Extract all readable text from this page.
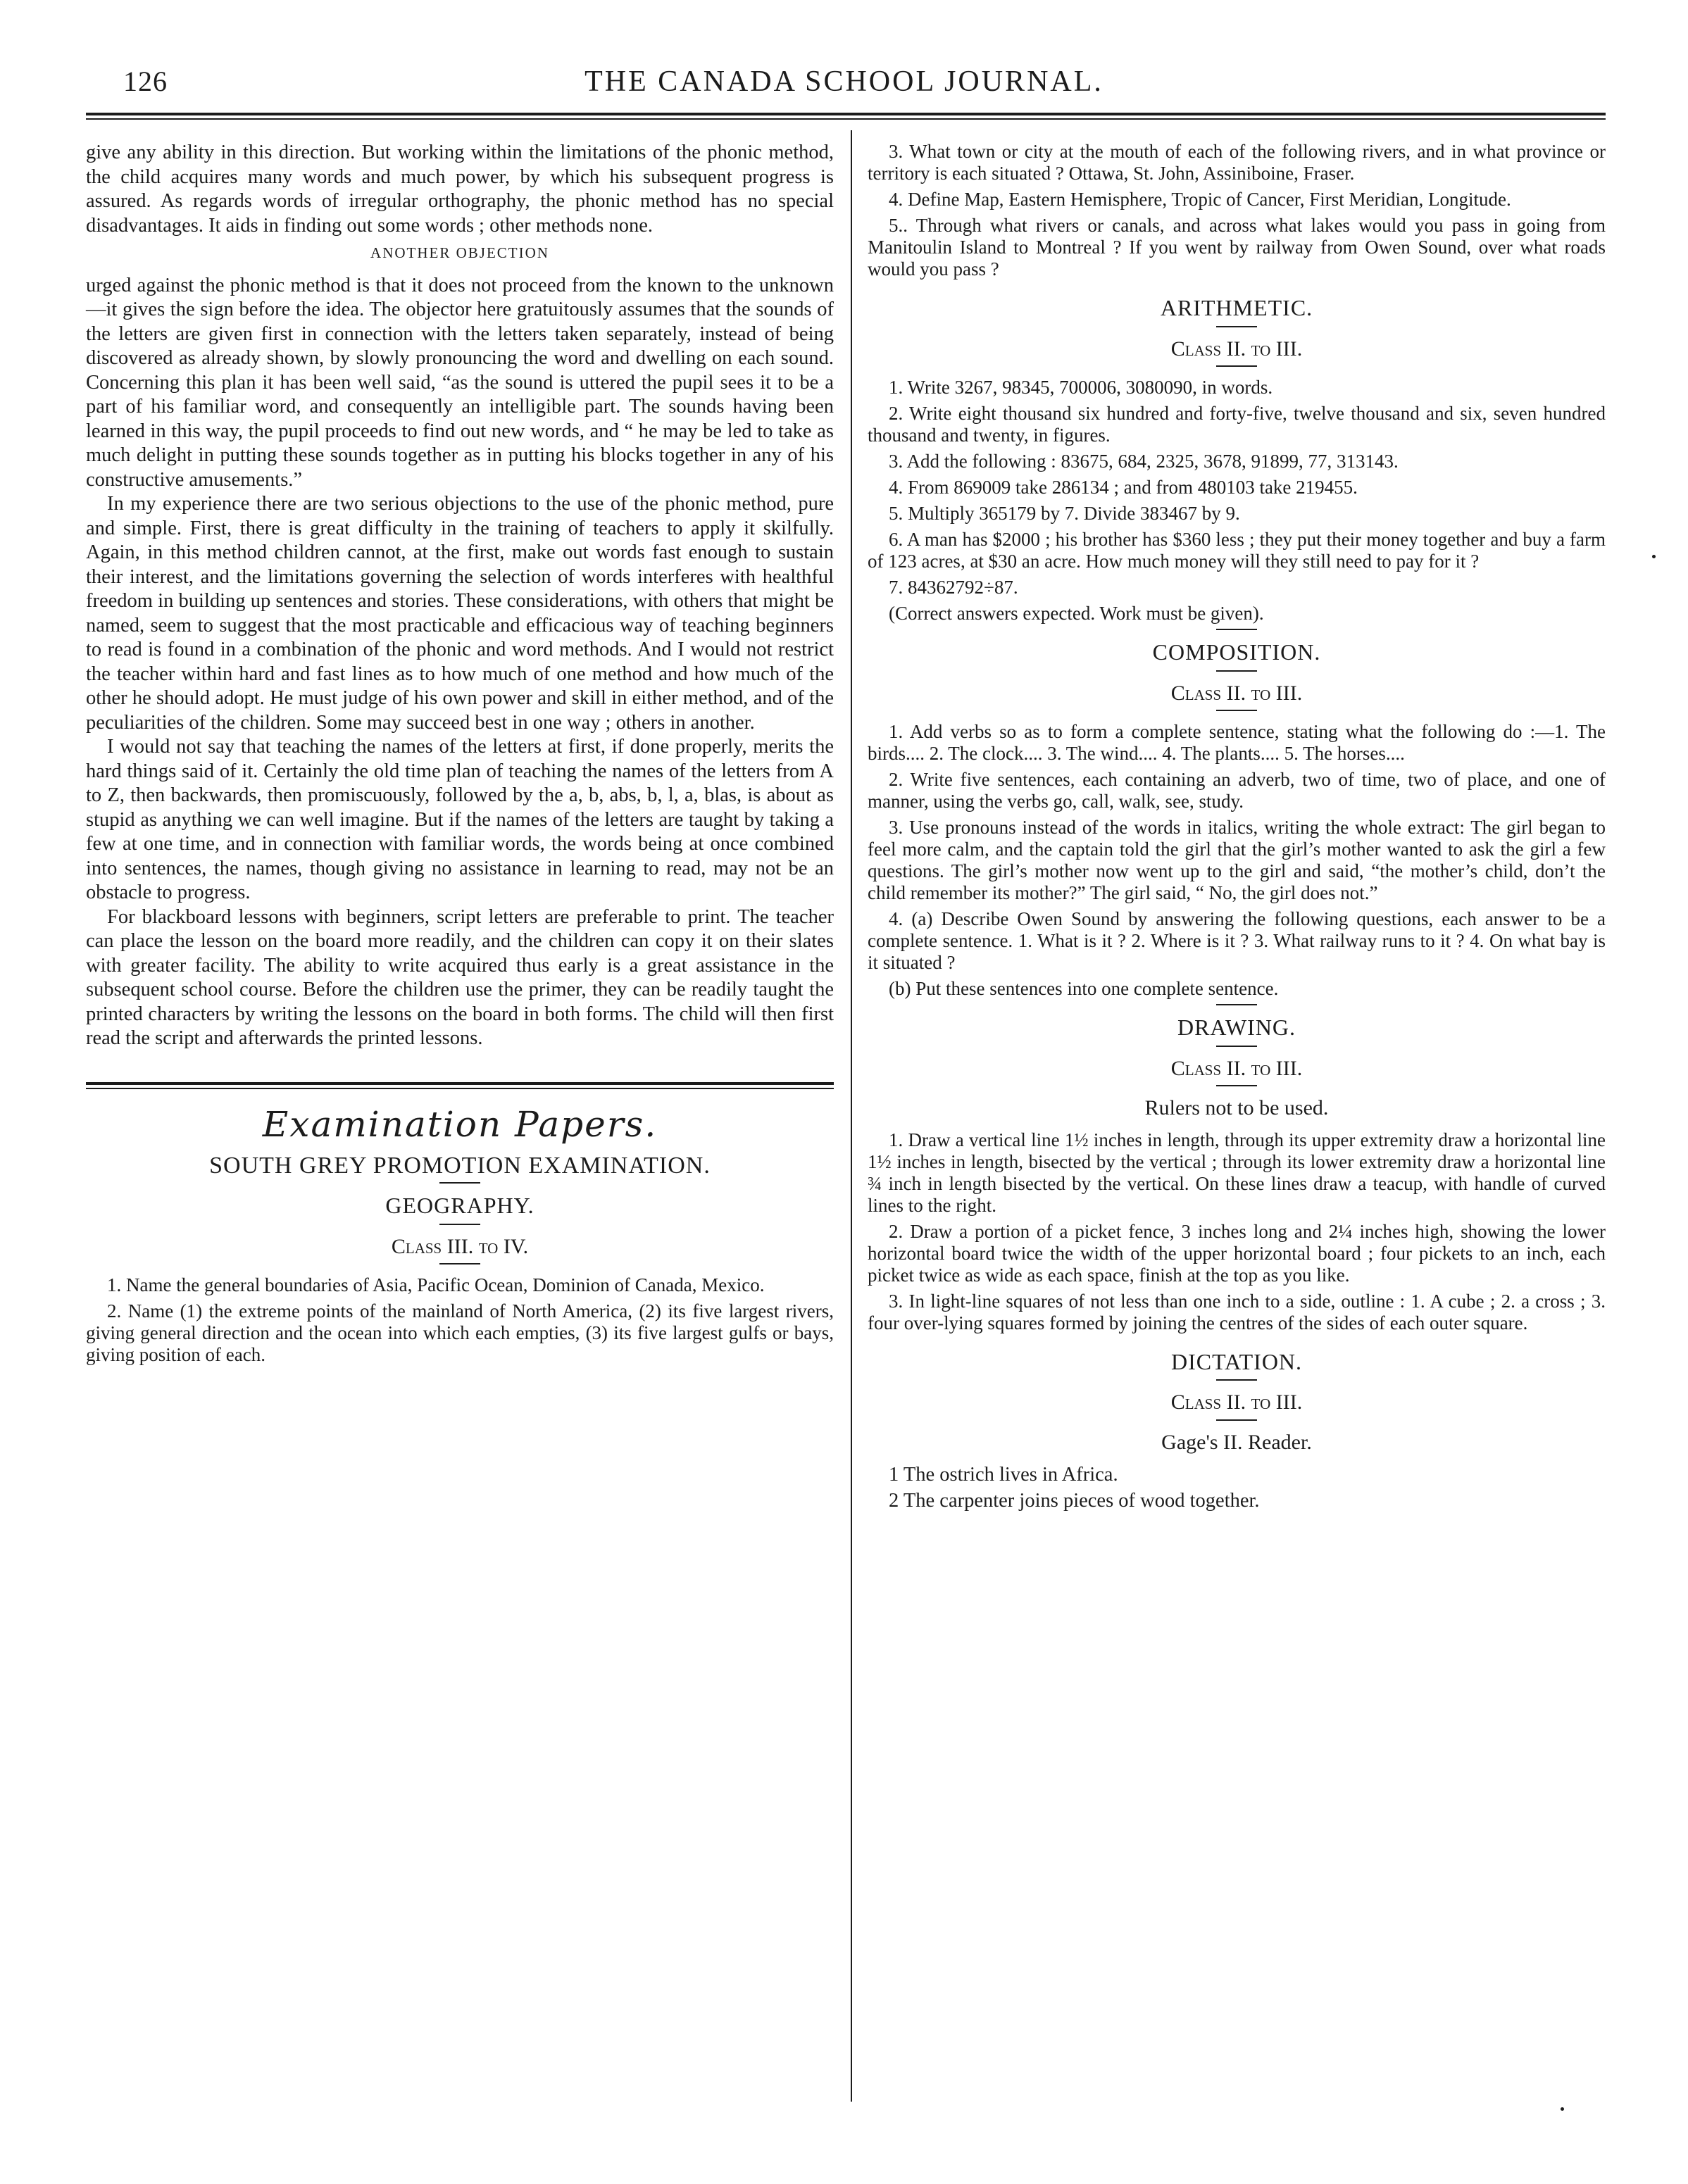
126	THE CANADA SCHOOL JOURNAL.

give any ability in this direction. But working within the limitations of the phonic method, the child acquires many words and much power, by which his subsequent progress is assured. As regards words of irregular orthography, the phonic method has no special disadvantages. It aids in finding out some words ; other methods none.

ANOTHER OBJECTION

urged against the phonic method is that it does not proceed from the known to the unknown—it gives the sign before the idea. The objector here gratuitously assumes that the sounds of the letters are given first in connection with the letters taken separately, instead of being discovered as already shown, by slowly pronouncing the word and dwelling on each sound. Concerning this plan it has been well said, “as the sound is uttered the pupil sees it to be a part of his familiar word, and consequently an intelligible part. The sounds having been learned in this way, the pupil proceeds to find out new words, and “ he may be led to take as much delight in putting these sounds together as in putting his blocks together in any of his constructive amusements.”

In my experience there are two serious objections to the use of the phonic method, pure and simple. First, there is great difficulty in the training of teachers to apply it skilfully. Again, in this method children cannot, at the first, make out words fast enough to sustain their interest, and the limitations governing the selection of words interferes with healthful freedom in building up sentences and stories. These considerations, with others that might be named, seem to suggest that the most practicable and efficacious way of teaching beginners to read is found in a combination of the phonic and word methods. And I would not restrict the teacher within hard and fast lines as to how much of one method and how much of the other he should adopt. He must judge of his own power and skill in either method, and of the peculiarities of the children. Some may succeed best in one way ; others in another.

I would not say that teaching the names of the letters at first, if done properly, merits the hard things said of it. Certainly the old time plan of teaching the names of the letters from A to Z, then backwards, then promiscuously, followed by the a, b, abs, b, l, a, blas, is about as stupid as anything we can well imagine. But if the names of the letters are taught by taking a few at one time, and in connection with familiar words, the words being at once combined into sentences, the names, though giving no assistance in learning to read, may not be an obstacle to progress.

For blackboard lessons with beginners, script letters are preferable to print. The teacher can place the lesson on the board more readily, and the children can copy it on their slates with greater facility. The ability to write acquired thus early is a great assistance in the subsequent school course. Before the children use the primer, they can be readily taught the printed characters by writing the lessons on the board in both forms. The child will then first read the script and afterwards the printed lessons.

Examination Papers.
SOUTH GREY PROMOTION EXAMINATION.
GEOGRAPHY.
Class III. to IV.

1. Name the general boundaries of Asia, Pacific Ocean, Dominion of Canada, Mexico.

2. Name (1) the extreme points of the mainland of North America, (2) its five largest rivers, giving general direction and the ocean into which each empties, (3) its five largest gulfs or bays, giving position of each.

3. What town or city at the mouth of each of the following rivers, and in what province or territory is each situated ? Ottawa, St. John, Assiniboine, Fraser.

4. Define Map, Eastern Hemisphere, Tropic of Cancer, First Meridian, Longitude.

5.. Through what rivers or canals, and across what lakes would you pass in going from Manitoulin Island to Montreal ? If you went by railway from Owen Sound, over what roads would you pass ?

ARITHMETIC.
Class II. to III.

1. Write 3267, 98345, 700006, 3080090, in words.

2. Write eight thousand six hundred and forty-five, twelve thousand and six, seven hundred thousand and twenty, in figures.

3. Add the following : 83675, 684, 2325, 3678, 91899, 77, 313143.

4. From 869009 take 286134 ; and from 480103 take 219455.

5. Multiply 365179 by 7. Divide 383467 by 9.

6. A man has $2000 ; his brother has $360 less ; they put their money together and buy a farm of 123 acres, at $30 an acre. How much money will they still need to pay for it ?

7. 84362792÷87.

(Correct answers expected. Work must be given).

COMPOSITION.
Class II. to III.

1. Add verbs so as to form a complete sentence, stating what the following do :—1. The birds.... 2. The clock.... 3. The wind.... 4. The plants.... 5. The horses....

2. Write five sentences, each containing an adverb, two of time, two of place, and one of manner, using the verbs go, call, walk, see, study.

3. Use pronouns instead of the words in italics, writing the whole extract: The girl began to feel more calm, and the captain told the girl that the girl’s mother wanted to ask the girl a few questions. The girl’s mother now went up to the girl and said, “the mother’s child, don’t the child remember its mother?” The girl said, “ No, the girl does not.”

4. (a) Describe Owen Sound by answering the following questions, each answer to be a complete sentence. 1. What is it ? 2. Where is it ? 3. What railway runs to it ? 4. On what bay is it situated ?

(b) Put these sentences into one complete sentence.

DRAWING.
Class II. to III.
Rulers not to be used.

1. Draw a vertical line 1½ inches in length, through its upper extremity draw a horizontal line 1½ inches in length, bisected by the vertical ; through its lower extremity draw a horizontal line ¾ inch in length bisected by the vertical. On these lines draw a teacup, with handle of curved lines to the right.

2. Draw a portion of a picket fence, 3 inches long and 2¼ inches high, showing the lower horizontal board twice the width of the upper horizontal board ; four pickets to an inch, each picket twice as wide as each space, finish at the top as you like.

3. In light-line squares of not less than one inch to a side, outline : 1. A cube ; 2. a cross ; 3. four over-lying squares formed by joining the centres of the sides of each outer square.

DICTATION.
Class II. to III.
Gage's II. Reader.

1 The ostrich lives in Africa.

2 The carpenter joins pieces of wood together.
